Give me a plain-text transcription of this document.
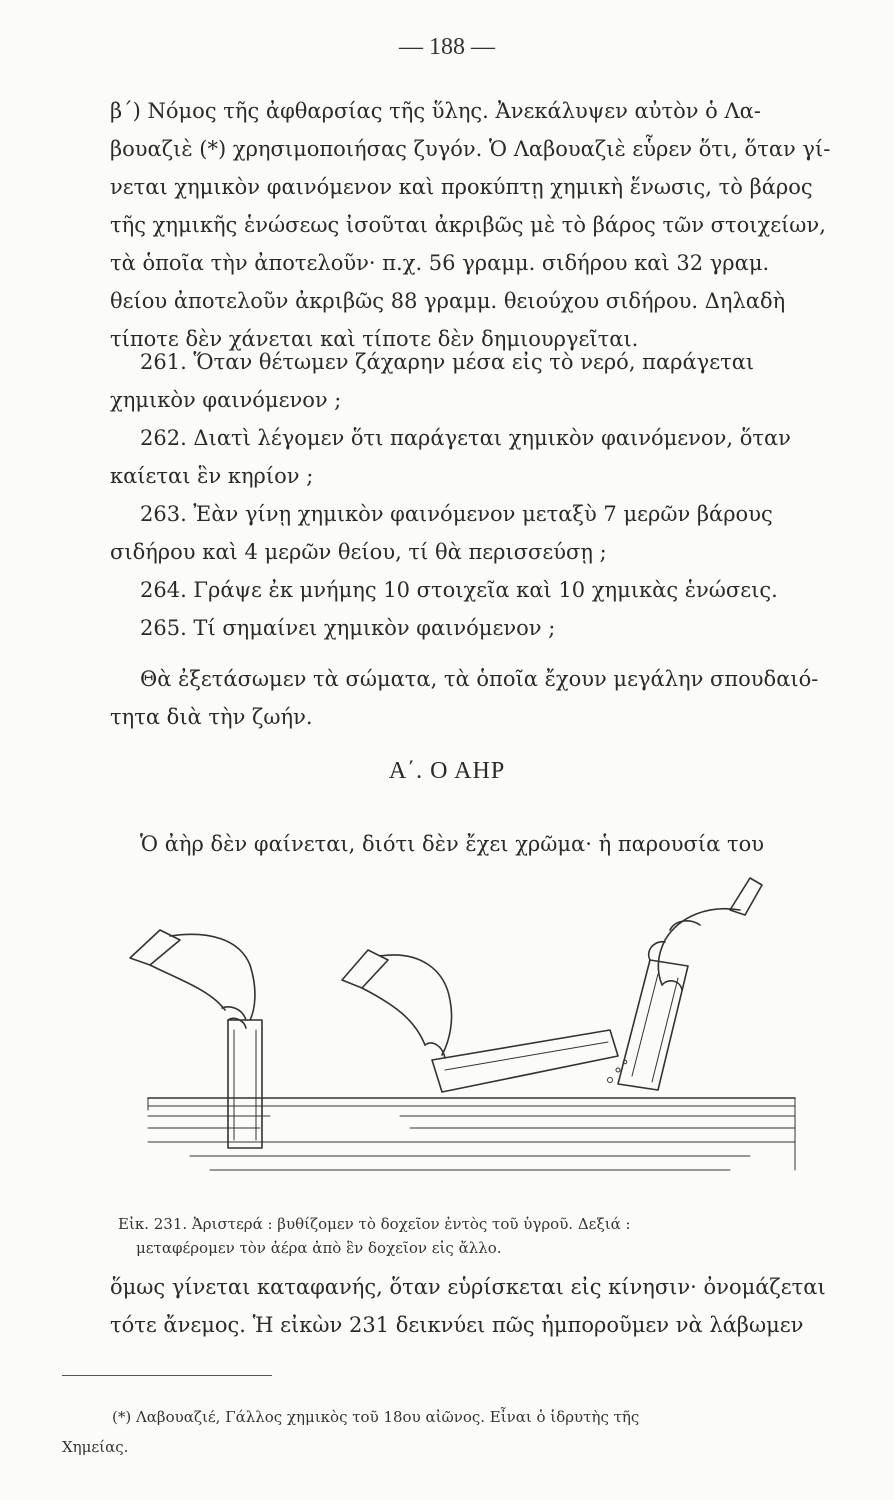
— 188 —
β΄) Νόμος τῆς ἀφθαρσίας τῆς ὕλης. Ἀνεκάλυψεν αὐτὸν ὁ Λα-
βουαζιὲ (*) χρησιμοποιήσας ζυγόν. Ὁ Λαβουαζιὲ εὗρεν ὅτι, ὅταν γί-
νεται χημικὸν φαινόμενον καὶ προκύπτῃ χημικὴ ἕνωσις, τὸ βάρος
τῆς χημικῆς ἑνώσεως ἰσοῦται ἀκριβῶς μὲ τὸ βάρος τῶν στοιχείων,
τὰ ὁποῖα τὴν ἀποτελοῦν· π.χ. 56 γραμμ. σιδήρου καὶ 32 γραμ.
θείου ἀποτελοῦν ἀκριβῶς 88 γραμμ. θειούχου σιδήρου. Δηλαδὴ
τίποτε δὲν χάνεται καὶ τίποτε δὲν δημιουργεῖται.
261. Ὅταν θέτωμεν ζάχαρην μέσα εἰς τὸ νερό, παράγεται
χημικὸν φαινόμενον ;
262. Διατὶ λέγομεν ὅτι παράγεται χημικὸν φαινόμενον, ὅταν
καίεται ἓν κηρίον ;
263. Ἐὰν γίνῃ χημικὸν φαινόμενον μεταξὺ 7 μερῶν βάρους
σιδήρου καὶ 4 μερῶν θείου, τί θὰ περισσεύσῃ ;
264. Γράψε ἐκ μνήμης 10 στοιχεῖα καὶ 10 χημικὰς ἑνώσεις.
265. Τί σημαίνει χημικὸν φαινόμενον ;
Θὰ ἐξετάσωμεν τὰ σώματα, τὰ ὁποῖα ἔχουν μεγάλην σπουδαιό-
τητα διὰ τὴν ζωήν.
Α΄. Ο ΑΗΡ
Ὁ ἀὴρ δὲν φαίνεται, διότι δὲν ἔχει χρῶμα· ἡ παρουσία του
Εἰκ. 231. Ἀριστερά : βυθίζομεν τὸ δοχεῖον ἐντὸς τοῦ ὑγροῦ. Δεξιά :
μεταφέρομεν τὸν ἀέρα ἀπὸ ἓν δοχεῖον εἰς ἄλλο.
ὅμως γίνεται καταφανής, ὅταν εὑρίσκεται εἰς κίνησιν· ὀνομάζεται
τότε ἄνεμος. Ἡ εἰκὼν 231 δεικνύει πῶς ἠμποροῦμεν νὰ λάβωμεν
(*) Λαβουαζιέ, Γάλλος χημικὸς τοῦ 18ου αἰῶνος. Εἶναι ὁ ἱδρυτὴς τῆς
Χημείας.
